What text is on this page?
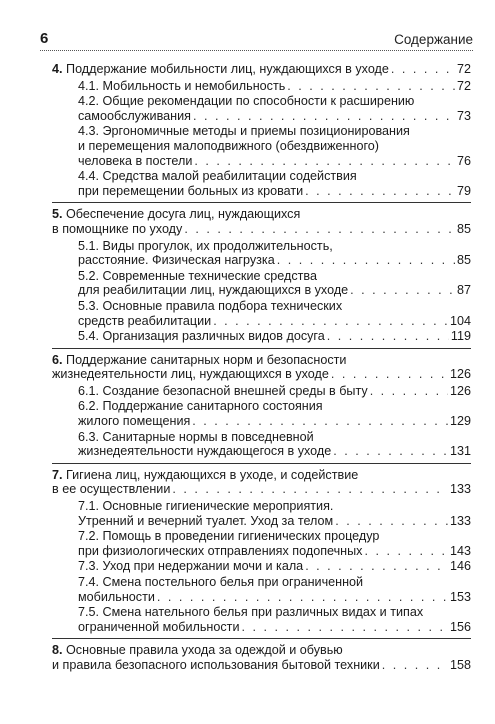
6	Содержание
4. Поддержание мобильности лиц, нуждающихся в уходе . . .	72
4.1. Мобильность и немобильность . . .	72
4.2. Общие рекомендации по способности к расширению
самообслуживания . . .	73
4.3. Эргономичные методы и приемы позиционирования
и перемещения малоподвижного (обездвиженного)
человека в постели . . .	76
4.4. Средства малой реабилитации содействия
при перемещении больных из кровати . . .	79
5. Обеспечение досуга лиц, нуждающихся
в помощнике по уходу . . .	85
5.1. Виды прогулок, их продолжительность,
расстояние. Физическая нагрузка . . .	85
5.2. Современные технические средства
для реабилитации лиц, нуждающихся в уходе . . .	87
5.3. Основные правила подбора технических
средств реабилитации . . .	104
5.4. Организация различных видов досуга . . .	119
6. Поддержание санитарных норм и безопасности
жизнедеятельности лиц, нуждающихся в уходе . . .	126
6.1. Создание безопасной внешней среды в быту . . .	126
6.2. Поддержание санитарного состояния
жилого помещения . . .	129
6.3. Санитарные нормы в повседневной
жизнедеятельности нуждающегося в уходе . . .	131
7. Гигиена лиц, нуждающихся в уходе, и содействие
в ее осуществлении . . .	133
7.1. Основные гигиенические мероприятия.
Утренний и вечерний туалет. Уход за телом . . .	133
7.2. Помощь в проведении гигиенических процедур
при физиологических отправлениях подопечных . . .	143
7.3. Уход при недержании мочи и кала . . .	146
7.4. Смена постельного белья при ограниченной
мобильности . . .	153
7.5. Смена нательного белья при различных видах и типах
ограниченной мобильности . . .	156
8. Основные правила ухода за одеждой и обувью
и правила безопасного использования бытовой техники . . .	158
